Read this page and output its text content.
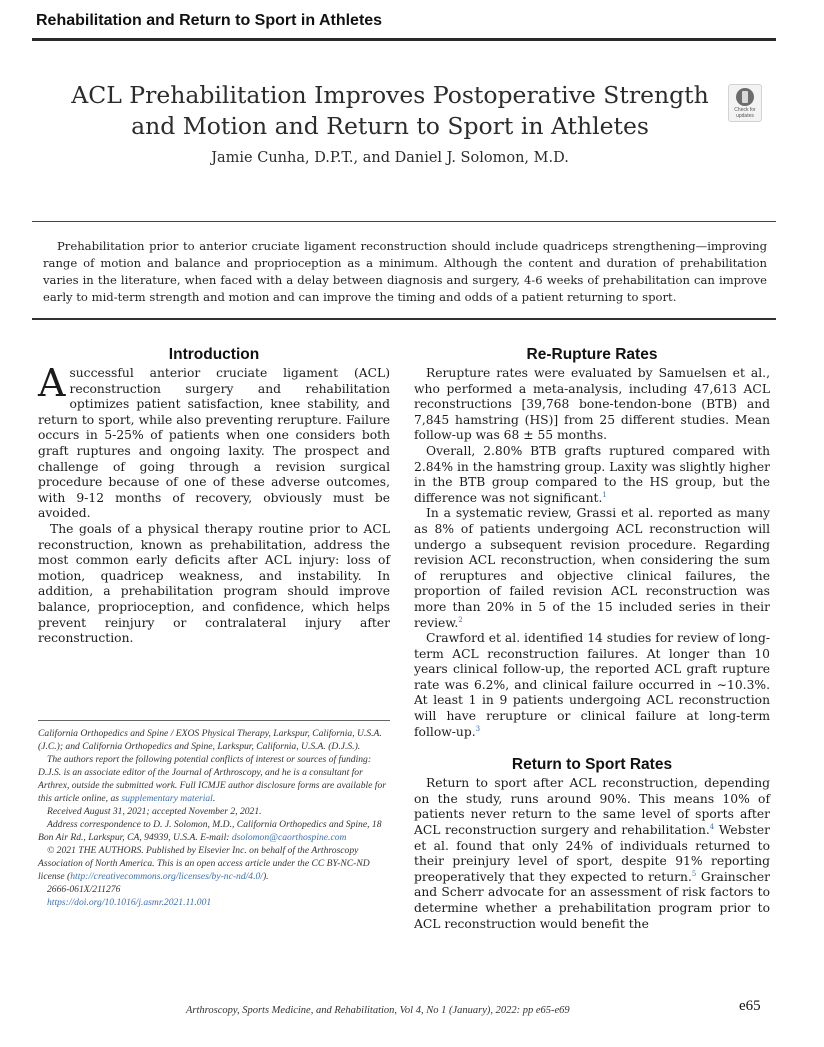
Rehabilitation and Return to Sport in Athletes
ACL Prehabilitation Improves Postoperative Strength and Motion and Return to Sport in Athletes
Jamie Cunha, D.P.T., and Daniel J. Solomon, M.D.
Check for updates

Prehabilitation prior to anterior cruciate ligament reconstruction should include quadriceps strengthening—improving range of motion and balance and proprioception as a minimum. Although the content and duration of prehabilitation varies in the literature, when faced with a delay between diagnosis and surgery, 4-6 weeks of prehabilitation can improve early to mid-term strength and motion and can improve the timing and odds of a patient returning to sport.

Introduction

A successful anterior cruciate ligament (ACL) reconstruction surgery and rehabilitation optimizes patient satisfaction, knee stability, and return to sport, while also preventing rerupture. Failure occurs in 5-25% of patients when one considers both graft ruptures and ongoing laxity. The prospect and challenge of going through a revision surgical procedure because of one of these adverse outcomes, with 9-12 months of recovery, obviously must be avoided.

The goals of a physical therapy routine prior to ACL reconstruction, known as prehabilitation, address the most common early deficits after ACL injury: loss of motion, quadricep weakness, and instability. In addition, a prehabilitation program should improve balance, proprioception, and confidence, which helps prevent reinjury or contralateral injury after reconstruction.

Re-Rupture Rates

Rerupture rates were evaluated by Samuelsen et al., who performed a meta-analysis, including 47,613 ACL reconstructions [39,768 bone-tendon-bone (BTB) and 7,845 hamstring (HS)] from 25 different studies. Mean follow-up was 68 ± 55 months.

Overall, 2.80% BTB grafts ruptured compared with 2.84% in the hamstring group. Laxity was slightly higher in the BTB group compared to the HS group, but the difference was not significant.$^1$

In a systematic review, Grassi et al. reported as many as 8% of patients undergoing ACL reconstruction will undergo a subsequent revision procedure. Regarding revision ACL reconstruction, when considering the sum of reruptures and objective clinical failures, the proportion of failed revision ACL reconstruction was more than 20% in 5 of the 15 included series in their review.$^2$

Crawford et al. identified 14 studies for review of long-term ACL reconstruction failures. At longer than 10 years clinical follow-up, the reported ACL graft rupture rate was 6.2%, and clinical failure occurred in ∼10.3%. At least 1 in 9 patients undergoing ACL reconstruction will have rerupture or clinical failure at long-term follow-up.$^3$

Return to Sport Rates

Return to sport after ACL reconstruction, depending on the study, runs around 90%. This means 10% of patients never return to the same level of sports after ACL reconstruction surgery and rehabilitation.$^4$ Webster et al. found that only 24% of individuals returned to their preinjury level of sport, despite 91% reporting preoperatively that they expected to return.$^5$ Grainscher and Scherr advocate for an assessment of risk factors to determine whether a prehabilitation program prior to ACL reconstruction would benefit the

California Orthopedics and Spine / EXOS Physical Therapy, Larkspur, California, U.S.A. (J.C.); and California Orthopedics and Spine, Larkspur, California, U.S.A. (D.J.S.).

The authors report the following potential conflicts of interest or sources of funding: D.J.S. is an associate editor of the Journal of Arthroscopy, and he is a consultant for Arthrex, outside the submitted work. Full ICMJE author disclosure forms are available for this article online, as supplementary material.

Received August 31, 2021; accepted November 2, 2021.

Address correspondence to D. J. Solomon, M.D., California Orthopedics and Spine, 18 Bon Air Rd., Larkspur, CA, 94939, U.S.A. E-mail: dsolomon@caorthospine.com

© 2021 THE AUTHORS. Published by Elsevier Inc. on behalf of the Arthroscopy Association of North America. This is an open access article under the CC BY-NC-ND license (http://creativecommons.org/licenses/by-nc-nd/4.0/).

2666-061X/211276

https://doi.org/10.1016/j.asmr.2021.11.001

Arthroscopy, Sports Medicine, and Rehabilitation, Vol 4, No 1 (January), 2022: pp e65-e69	e65
